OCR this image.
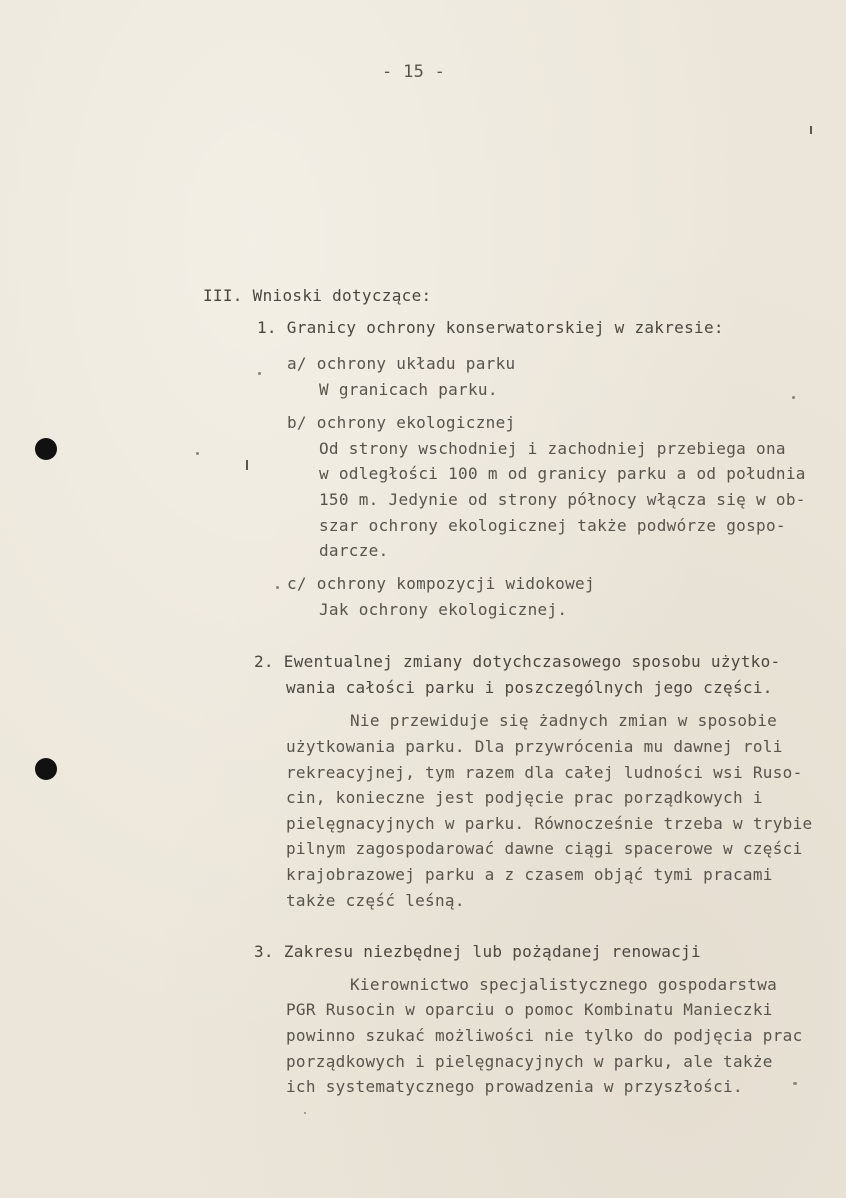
- 15 -
III. Wnioski dotyczące:
1. Granicy ochrony konserwatorskiej w zakresie:
a/ ochrony układu parku
W granicach parku.
b/ ochrony ekologicznej
Od strony wschodniej i zachodniej przebiega ona
w odległości 100 m od granicy parku a od południa
150 m. Jedynie od strony północy włącza się w ob-
szar ochrony ekologicznej także podwórze gospo-
darcze.
c/ ochrony kompozycji widokowej
Jak ochrony ekologicznej.
2. Ewentualnej zmiany dotychczasowego sposobu użytko-
wania całości parku i poszczególnych jego części.
Nie przewiduje się żadnych zmian w sposobie
użytkowania parku. Dla przywrócenia mu dawnej roli
rekreacyjnej, tym razem dla całej ludności wsi Ruso-
cin, konieczne jest podjęcie prac porządkowych i
pielęgnacyjnych w parku. Równocześnie trzeba w trybie
pilnym zagospodarować dawne ciągi spacerowe w części
krajobrazowej parku a z czasem objąć tymi pracami
także część leśną.
3. Zakresu niezbędnej lub pożądanej renowacji
Kierownictwo specjalistycznego gospodarstwa
PGR Rusocin w oparciu o pomoc Kombinatu Manieczki
powinno szukać możliwości nie tylko do podjęcia prac
porządkowych i pielęgnacyjnych w parku, ale także
ich systematycznego prowadzenia w przyszłości.
